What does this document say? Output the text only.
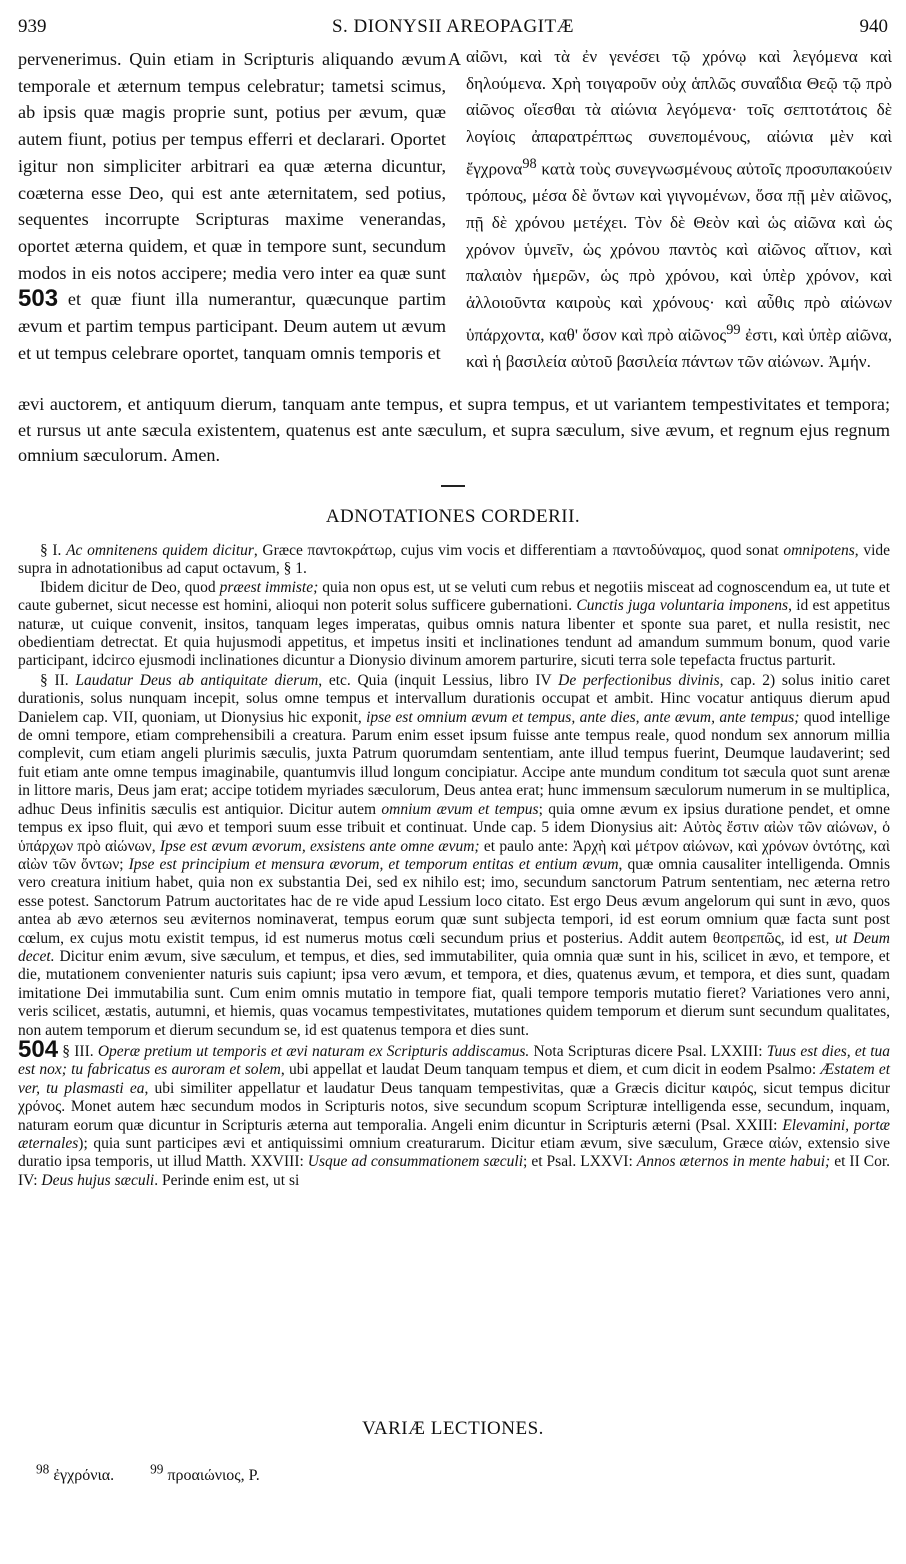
939	S. DIONYSII AREOPAGITÆ	940

pervenerimus. Quin etiam in Scripturis aliquando ævum temporale et æternum tempus celebratur; tametsi scimus, ab ipsis quæ magis proprie sunt, potius per ævum, quæ autem fiunt, potius per tempus efferri et declarari. Oportet igitur non simpliciter arbitrari ea quæ æterna dicuntur, coæterna esse Deo, qui est ante æternitatem, sed potius, sequentes incorrupte Scripturas maxime venerandas, oportet æterna quidem, et quæ in tempore sunt, secundum modos in eis notos accipere; media vero inter ea quæ sunt 503 et quæ fiunt illa numerantur, quæcunque partim ævum et partim tempus participant. Deum autem ut ævum et ut tempus celebrare oportet, tanquam omnis temporis et

A αἰῶνι, καὶ τὰ ἐν γενέσει τῷ χρόνῳ καὶ λεγόμενα καὶ δηλούμενα. Χρὴ τοιγαροῦν οὐχ ἁπλῶς συναΐδια Θεῷ τῷ πρὸ αἰῶνος οἴεσθαι τὰ αἰώνια λεγόμενα· τοῖς σεπτοτάτοις δὲ λογίοις ἀπαρατρέπτως συνεπομένους, αἰώνια μὲν καὶ ἔγχρονα$^{98}$ κατὰ τοὺς συνεγνωσμένους αὐτοῖς προσυπακούειν τρόπους, μέσα δὲ ὄντων καὶ γιγνομένων, ὅσα πῇ μὲν αἰῶνος, πῇ δὲ χρόνου μετέχει. Τὸν δὲ Θεὸν καὶ ὡς αἰῶνα καὶ ὡς χρόνον ὑμνεῖν, ὡς χρόνου παντὸς καὶ αἰῶνος αἴτιον, καὶ παλαιὸν ἡμερῶν, ὡς πρὸ χρόνου, καὶ ὑπὲρ χρόνον, καὶ ἀλλοιοῦντα καιροὺς καὶ χρόνους· καὶ αὖθις πρὸ αἰώνων ὑπάρχοντα, καθ' ὅσον καὶ πρὸ αἰῶνος$^{99}$ ἐστι, καὶ ὑπὲρ αἰῶνα, καὶ ἡ βασιλεία αὐτοῦ βασιλεία πάντων τῶν αἰώνων. Ἀμήν.

ævi auctorem, et antiquum dierum, tanquam ante tempus, et supra tempus, et ut variantem tempestivitates et tempora; et rursus ut ante sæcula existentem, quatenus est ante sæculum, et supra sæculum, sive ævum, et regnum ejus regnum omnium sæculorum. Amen.

ADNOTATIONES CORDERII.

§ I. Ac omnitenens quidem dicitur, Græce παντοκράτωρ, cujus vim vocis et differentiam a παντοδύναμος, quod sonat omnipotens, vide supra in adnotationibus ad caput octavum, § 1.

Ibidem dicitur de Deo, quod præest immiste; quia non opus est, ut se veluti cum rebus et negotiis misceat ad cognoscendum ea, ut tute et caute gubernet, sicut necesse est homini, alioqui non poterit solus sufficere gubernationi. Cunctis juga voluntaria imponens, id est appetitus naturæ, ut cuique convenit, insitos, tanquam leges imperatas, quibus omnis natura libenter et sponte sua paret, et nulla resistit, nec obedientiam detrectat. Et quia hujusmodi appetitus, et impetus insiti et inclinationes tendunt ad amandum summum bonum, quod varie participant, idcirco ejusmodi inclinationes dicuntur a Dionysio divinum amorem parturire, sicuti terra sole tepefacta fructus parturit.

§ II. Laudatur Deus ab antiquitate dierum, etc. Quia (inquit Lessius, libro IV De perfectionibus divinis, cap. 2) solus initio caret durationis, solus nunquam incepit, solus omne tempus et intervallum durationis occupat et ambit. Hinc vocatur antiquus dierum apud Danielem cap. VII, quoniam, ut Dionysius hic exponit, ipse est omnium ævum et tempus, ante dies, ante ævum, ante tempus; quod intellige de omni tempore, etiam comprehensibili a creatura. Parum enim esset ipsum fuisse ante tempus reale, quod nondum sex annorum millia complevit, cum etiam angeli plurimis sæculis, juxta Patrum quorumdam sententiam, ante illud tempus fuerint, Deumque laudaverint; sed fuit etiam ante omne tempus imaginabile, quantumvis illud longum concipiatur. Accipe ante mundum conditum tot sæcula quot sunt arenæ in littore maris, Deus jam erat; accipe totidem myriades sæculorum, Deus antea erat; hunc immensum sæculorum numerum in se multiplica, adhuc Deus infinitis sæculis est antiquior. Dicitur autem omnium ævum et tempus; quia omne ævum ex ipsius duratione pendet, et omne tempus ex ipso fluit, qui ævo et tempori suum esse tribuit et continuat. Unde cap. 5 idem Dionysius ait: Αὐτὸς ἔστιν αἰὼν τῶν αἰώνων, ὁ ὑπάρχων πρὸ αἰώνων, Ipse est ævum ævorum, exsistens ante omne ævum; et paulo ante: Ἀρχὴ καὶ μέτρον αἰώνων, καὶ χρόνων ὀντότης, καὶ αἰὼν τῶν ὄντων; Ipse est principium et mensura ævorum, et temporum entitas et entium ævum, quæ omnia causaliter intelligenda. Omnis vero creatura initium habet, quia non ex substantia Dei, sed ex nihilo est; imo, secundum sanctorum Patrum sententiam, nec æterna retro esse potest. Sanctorum Patrum auctoritates hac de re vide apud Lessium loco citato. Est ergo Deus ævum angelorum qui sunt in ævo, quos antea ab ævo æternos seu æviternos nominaverat, tempus eorum quæ sunt subjecta tempori, id est eorum omnium quæ facta sunt post cœlum, ex cujus motu existit tempus, id est numerus motus cœli secundum prius et posterius. Addit autem θεοπρεπῶς, id est, ut Deum decet. Dicitur enim ævum, sive sæculum, et tempus, et dies, sed immutabiliter, quia omnia quæ sunt in his, scilicet in ævo, et tempore, et die, mutationem convenienter naturis suis capiunt; ipsa vero ævum, et tempora, et dies, quatenus ævum, et tempora, et dies sunt, quadam imitatione Dei immutabilia sunt. Cum enim omnis mutatio in tempore fiat, quali tempore temporis mutatio fieret? Variationes vero anni, veris scilicet, æstatis, autumni, et hiemis, quas vocamus tempestivitates, mutationes quidem temporum et dierum sunt secundum qualitates, non autem temporum et dierum secundum se, id est quatenus tempora et dies sunt.

504 § III. Operæ pretium ut temporis et ævi naturam ex Scripturis addiscamus. Nota Scripturas dicere Psal. LXXIII: Tuus est dies, et tua est nox; tu fabricatus es auroram et solem, ubi appellat et laudat Deum tanquam tempus et diem, et cum dicit in eodem Psalmo: Æstatem et ver, tu plasmasti ea, ubi similiter appellatur et laudatur Deus tanquam tempestivitas, quæ a Græcis dicitur καιρός, sicut tempus dicitur χρόνος. Monet autem hæc secundum modos in Scripturis notos, sive secundum scopum Scripturæ intelligenda esse, secundum, inquam, naturam eorum quæ dicuntur in Scripturis æterna aut temporalia. Angeli enim dicuntur in Scripturis æterni (Psal. XXIII: Elevamini, portæ æternales); quia sunt participes ævi et antiquissimi omnium creaturarum. Dicitur etiam ævum, sive sæculum, Græce αἰών, extensio sive duratio ipsa temporis, ut illud Matth. XXVIII: Usque ad consummationem sæculi; et Psal. LXXVI: Annos æternos in mente habui; et II Cor. IV: Deus hujus sæculi. Perinde enim est, ut si

VARIÆ LECTIONES.
$^{98}$ ἐγχρόνια.	$^{99}$ προαιώνιος, P.
